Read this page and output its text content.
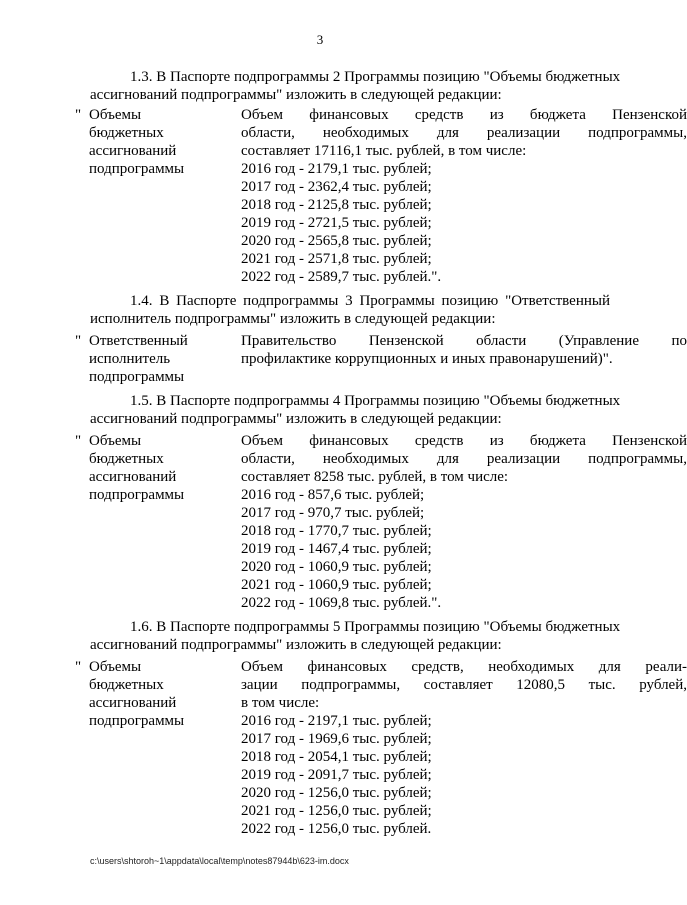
3
1.3. В Паспорте подпрограммы 2 Программы позицию "Объемы бюджетных
ассигнований подпрограммы" изложить в следующей редакции:
" Объемы
бюджетных
ассигнований
подпрограммы
Объем финансовых средств из бюджета Пензенской
области, необходимых для реализации подпрограммы,
составляет 17116,1 тыс. рублей, в том числе:
2016 год - 2179,1 тыс. рублей;
2017 год - 2362,4 тыс. рублей;
2018 год - 2125,8 тыс. рублей;
2019 год - 2721,5 тыс. рублей;
2020 год - 2565,8 тыс. рублей;
2021 год - 2571,8 тыс. рублей;
2022 год - 2589,7 тыс. рублей.".
1.4. В Паспорте подпрограммы 3 Программы позицию "Ответственный
исполнитель подпрограммы" изложить в следующей редакции:
" Ответственный
исполнитель
подпрограммы
Правительство Пензенской области (Управление по
профилактике коррупционных и иных правонарушений)".
1.5. В Паспорте подпрограммы 4 Программы позицию "Объемы бюджетных
ассигнований подпрограммы" изложить в следующей редакции:
" Объемы
бюджетных
ассигнований
подпрограммы
Объем финансовых средств из бюджета Пензенской
области, необходимых для реализации подпрограммы,
составляет 8258 тыс. рублей, в том числе:
2016 год - 857,6 тыс. рублей;
2017 год - 970,7 тыс. рублей;
2018 год - 1770,7 тыс. рублей;
2019 год - 1467,4 тыс. рублей;
2020 год - 1060,9 тыс. рублей;
2021 год - 1060,9 тыс. рублей;
2022 год - 1069,8 тыс. рублей.".
1.6. В Паспорте подпрограммы 5 Программы позицию "Объемы бюджетных
ассигнований подпрограммы" изложить в следующей редакции:
" Объемы
бюджетных
ассигнований
подпрограммы
Объем финансовых средств, необходимых для реали-
зации подпрограммы, составляет 12080,5 тыс. рублей,
в том числе:
2016 год - 2197,1 тыс. рублей;
2017 год - 1969,6 тыс. рублей;
2018 год - 2054,1 тыс. рублей;
2019 год - 2091,7 тыс. рублей;
2020 год - 1256,0 тыс. рублей;
2021 год - 1256,0 тыс. рублей;
2022 год - 1256,0 тыс. рублей.
c:\users\shtoroh~1\appdata\local\temp\notes87944b\623-im.docx
